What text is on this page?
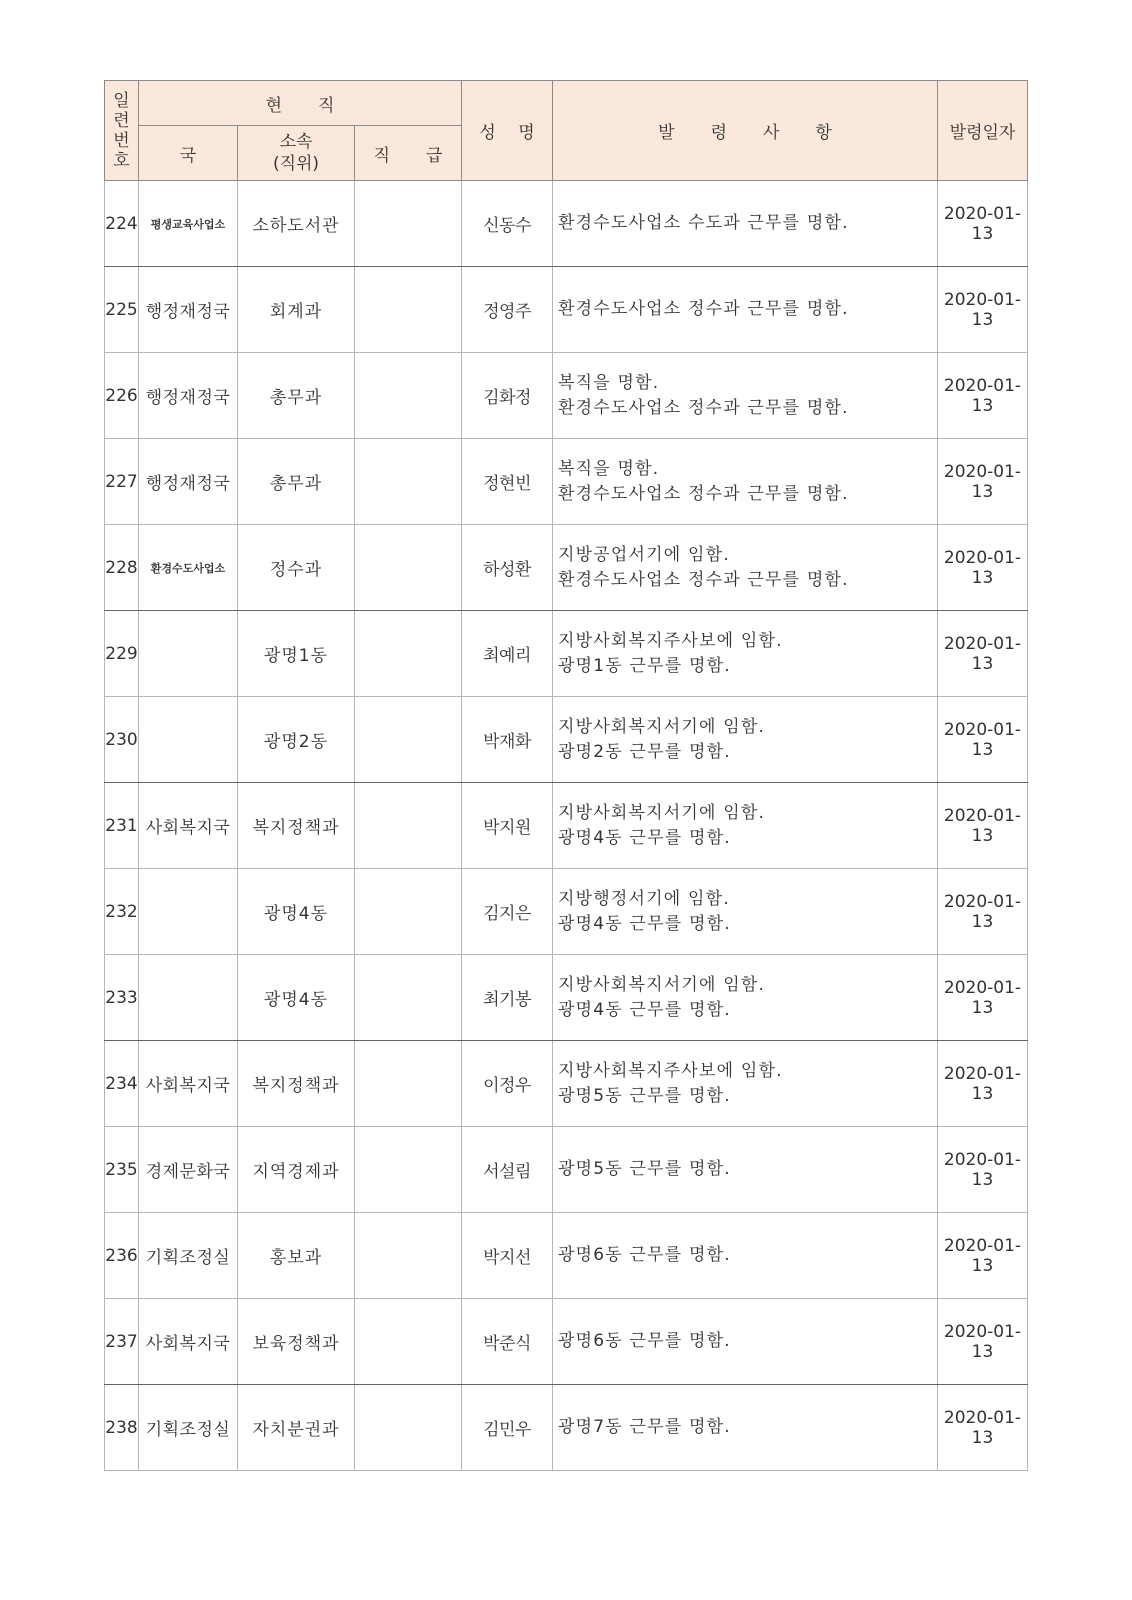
일
련
번
호	현 직			성 명	발 령 사 항	발령일자
	국	소속
(직위)	직 급			
224	평생교육사업소	소하도서관		신동수	환경수도사업소 수도과 근무를 명함.	2020-01-13
225	행정재정국	회계과		정영주	환경수도사업소 정수과 근무를 명함.	2020-01-13
226	행정재정국	총무과		김화정	복직을 명함.
환경수도사업소 정수과 근무를 명함.	2020-01-13
227	행정재정국	총무과		정현빈	복직을 명함.
환경수도사업소 정수과 근무를 명함.	2020-01-13
228	환경수도사업소	정수과		하성환	지방공업서기에 임함.
환경수도사업소 정수과 근무를 명함.	2020-01-13
229		광명1동		최예리	지방사회복지주사보에 임함.
광명1동 근무를 명함.	2020-01-13
230		광명2동		박재화	지방사회복지서기에 임함.
광명2동 근무를 명함.	2020-01-13
231	사회복지국	복지정책과		박지원	지방사회복지서기에 임함.
광명4동 근무를 명함.	2020-01-13
232		광명4동		김지은	지방행정서기에 임함.
광명4동 근무를 명함.	2020-01-13
233		광명4동		최기봉	지방사회복지서기에 임함.
광명4동 근무를 명함.	2020-01-13
234	사회복지국	복지정책과		이정우	지방사회복지주사보에 임함.
광명5동 근무를 명함.	2020-01-13
235	경제문화국	지역경제과		서설림	광명5동 근무를 명함.	2020-01-13
236	기획조정실	홍보과		박지선	광명6동 근무를 명함.	2020-01-13
237	사회복지국	보육정책과		박준식	광명6동 근무를 명함.	2020-01-13
238	기획조정실	자치분권과		김민우	광명7동 근무를 명함.	2020-01-13
